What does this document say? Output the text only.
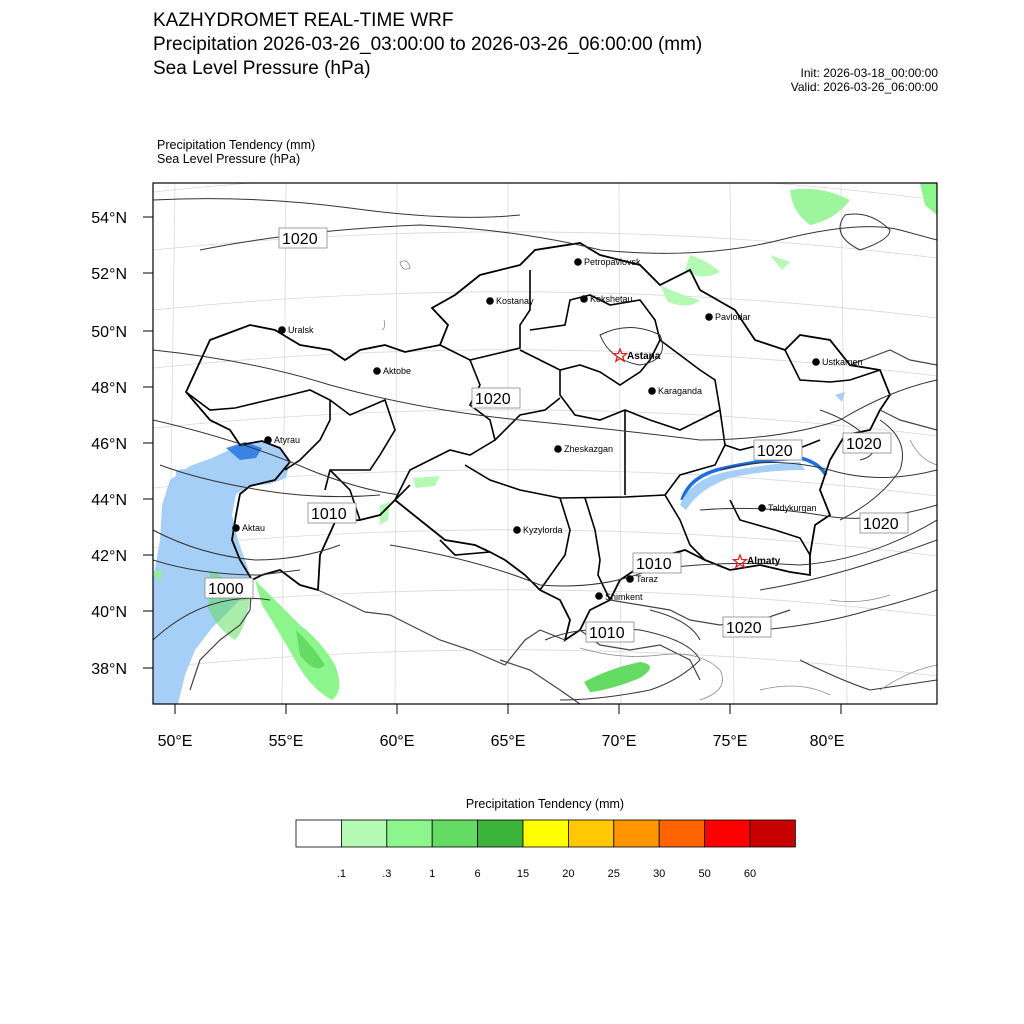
KAZHYDROMET REAL-TIME WRF
Precipitation 2026-03-26_03:00:00 to 2026-03-26_06:00:00 (mm)
Sea Level Pressure (hPa)	Init: 2026-03-18_00:00:00
Valid: 2026-03-26_06:00:00
Precipitation Tendency (mm)
Sea Level Pressure (hPa)
54°N
52°N
50°N
48°N
46°N
44°N
42°N
40°N
38°N
50°E	55°E	60°E	65°E	70°E	75°E	80°E
1020
1020
1020	1020
1020
1010
1010
1010
1000
1020
Petropavlovsk
Kostanay	Kokshetau
Pavlodar
Uralsk
Astana	Ustkamen
Aktobe
Karaganda
Atyrau
Zheskazgan
Aktau	Kyzylorda
Taldykurgan
Almaty
Taraz
Shimkent
Precipitation Tendency (mm)
.1	.3	1	6	15	20	25	30	50	60
